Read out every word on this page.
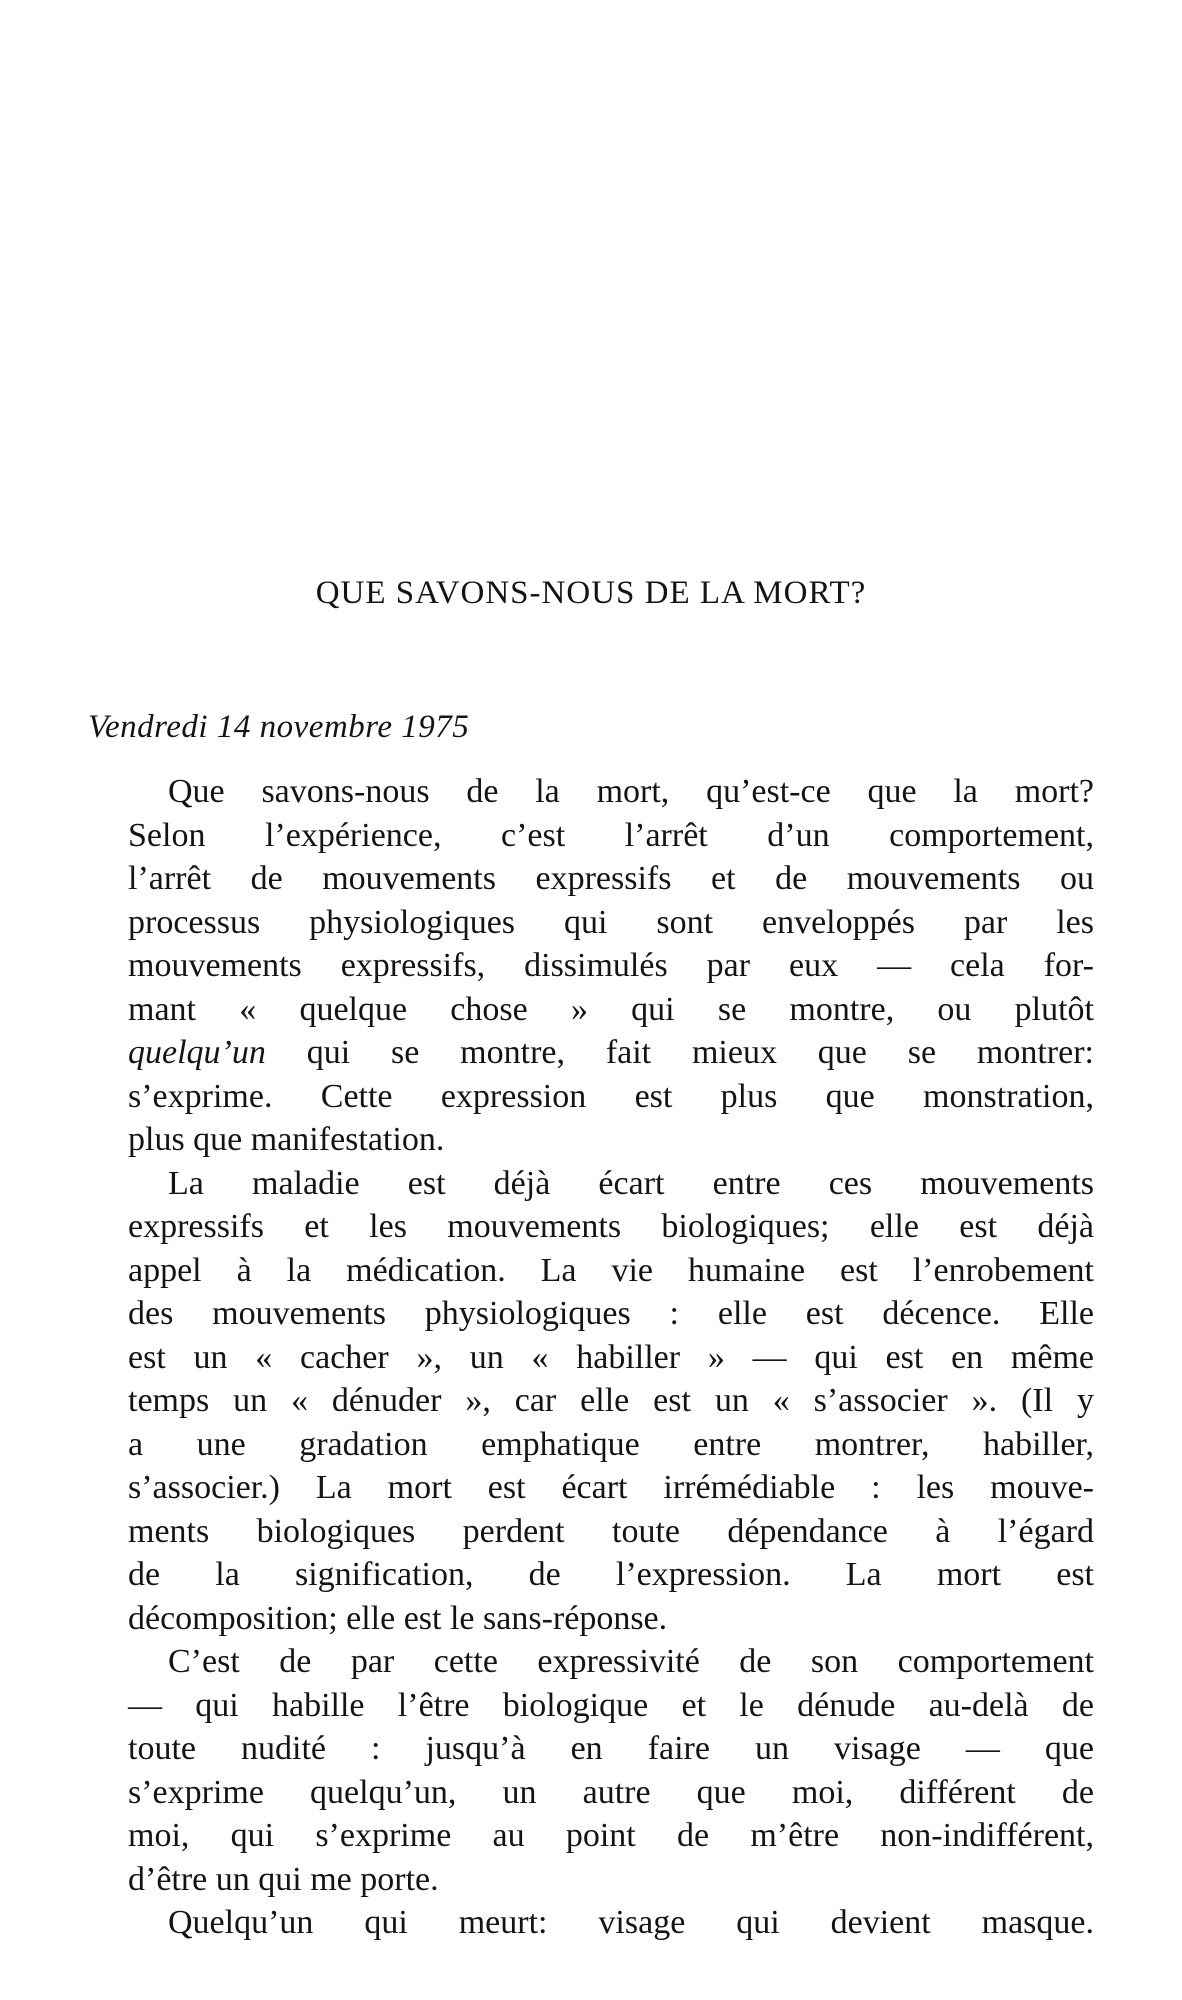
QUE SAVONS-NOUS DE LA MORT?
Vendredi 14 novembre 1975

Que savons-nous de la mort, qu’est-ce que la mort?
Selon l’expérience, c’est l’arrêt d’un comportement,
l’arrêt de mouvements expressifs et de mouvements ou
processus physiologiques qui sont enveloppés par les
mouvements expressifs, dissimulés par eux — cela for-
mant « quelque chose » qui se montre, ou plutôt
quelqu’un qui se montre, fait mieux que se montrer:
s’exprime. Cette expression est plus que monstration,
plus que manifestation.

La maladie est déjà écart entre ces mouvements
expressifs et les mouvements biologiques; elle est déjà
appel à la médication. La vie humaine est l’enrobement
des mouvements physiologiques : elle est décence. Elle
est un « cacher », un « habiller » — qui est en même
temps un « dénuder », car elle est un « s’associer ». (Il y
a une gradation emphatique entre montrer, habiller,
s’associer.) La mort est écart irrémédiable : les mouve-
ments biologiques perdent toute dépendance à l’égard
de la signification, de l’expression. La mort est
décomposition; elle est le sans-réponse.

C’est de par cette expressivité de son comportement
— qui habille l’être biologique et le dénude au-delà de
toute nudité : jusqu’à en faire un visage — que
s’exprime quelqu’un, un autre que moi, différent de
moi, qui s’exprime au point de m’être non-indifférent,
d’être un qui me porte.

Quelqu’un qui meurt: visage qui devient masque.
